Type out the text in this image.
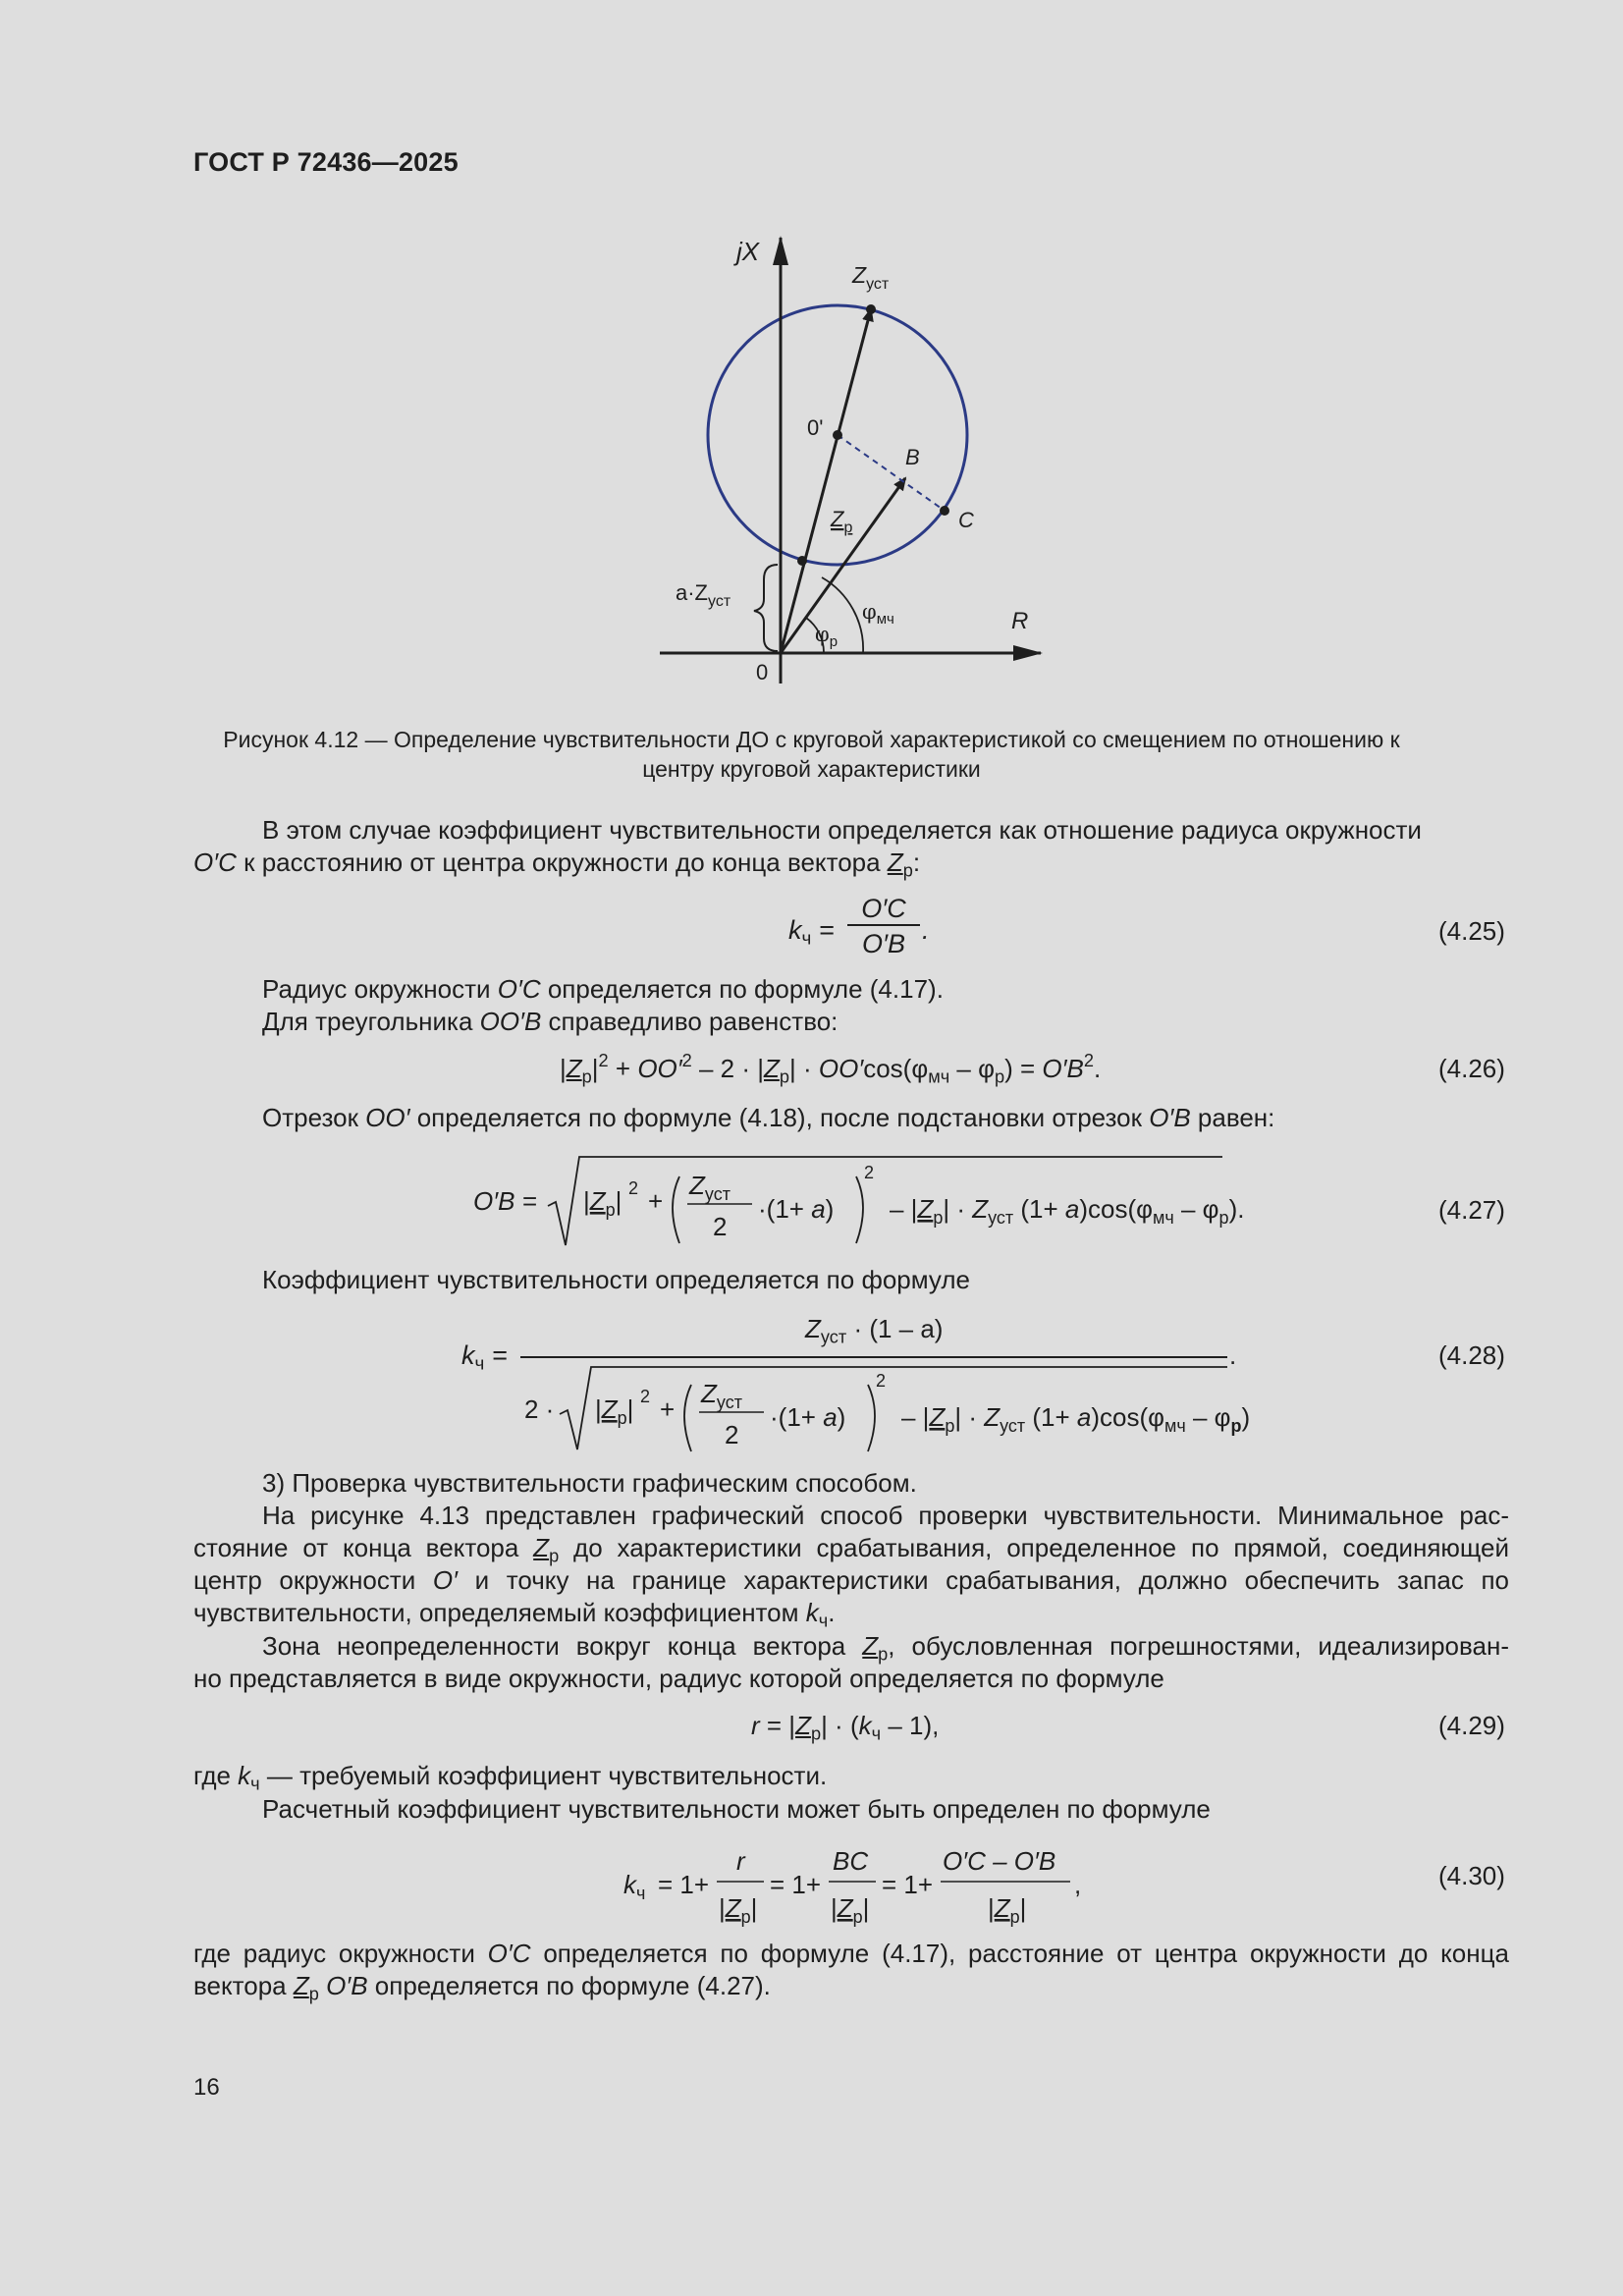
ГОСТ Р 72436—2025
jX
$Z_{уст}$
0'
B
C
$Z_р$
$a\cdot Z_{уст}$	$\varphi_{мч}$
$\varphi_р$
R
0
Рисунок 4.12 — Определение чувствительности ДО с круговой характеристикой со смещением по отношению к
центру круговой характеристики
В этом случае коэффициент чувствительности определяется как отношение радиуса окружности
O′C к расстоянию от центра окружности до конца вектора $Z_р$:
$k_ч$ =
O′C
O′B .	(4.25)
Радиус окружности O′C определяется по формуле (4.17).
Для треугольника OO′B справедливо равенство:
$|Z_р|^2 + OO'^2 - 2 \cdot |Z_р| \cdot OO'\cos(\varphi_{мч} - \varphi_р) = O'B^2$.	(4.26)
Отрезок OO′ определяется по формуле (4.18), после подстановки отрезок O′B равен:
$O'B = |Z_р|$ 2 +
$Z_{уст}$
2
·(1+ a)
2
– $|Z_р| \cdot Z_{уст}$ $(1+ a)\cos(\varphi_{мч} - \varphi_р)$.	(4.27)
Коэффициент чувствительности определяется по формуле
$k_ч$ =
$Z_{уст} \cdot (1 - a)$
.
$2 \cdot |Z_р|$ 2 +
$Z_{уст}$
2
·(1+ a)
2
– $|Z_р| \cdot Z_{уст}$ $(1+ a)\cos(\varphi_{мч} - \varphi_р)$
(4.28)
3) Проверка чувствительности графическим способом.
На рисунке 4.13 представлен графический способ проверки чувствительности. Минимальное рас-
стояние от конца вектора $Z_р$ до характеристики срабатывания, определенное по прямой, соединяющей
центр окружности O′ и точку на границе характеристики срабатывания, должно обеспечить запас по
чувствительности, определяемый коэффициентом $k_ч$.
Зона неопределенности вокруг конца вектора $Z_р$, обусловленная погрешностями, идеализирован-
но представляется в виде окружности, радиус которой определяется по формуле
$r = |Z_р| \cdot (k_ч - 1)$,	(4.29)
где $k_ч$ — требуемый коэффициент чувствительности.
Расчетный коэффициент чувствительности может быть определен по формуле
$k_ч = 1+$
r
$|Z_р|$
= 1+
BC
$|Z_р|$
= 1+
O′C – O′B
$|Z_р|$
,	(4.30)
где радиус окружности O′C определяется по формуле (4.17), расстояние от центра окружности до конца
вектора $Z_р$ O′B определяется по формуле (4.27).
16
